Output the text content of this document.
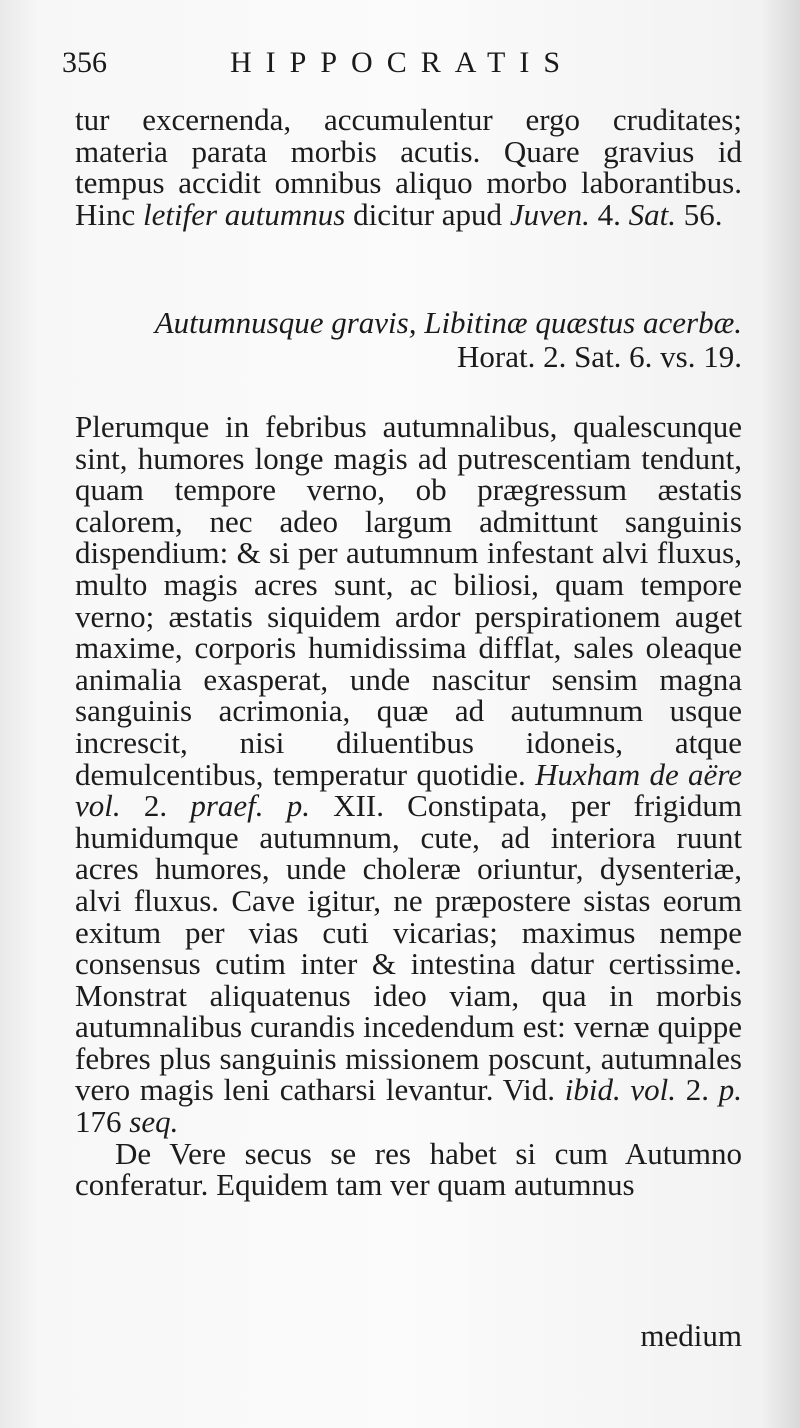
356	HIPPOCRATIS

tur excernenda, accumulentur ergo cruditates; materia parata morbis acutis. Quare gravius id tempus accidit omnibus aliquo morbo laborantibus. Hinc letifer autumnus dicitur apud Juven. 4. Sat. 56.

Autumnusque gravis, Libitinæ quæstus acerbæ.
Horat. 2. Sat. 6. vs. 19.

Plerumque in febribus autumnalibus, qualescunque sint, humores longe magis ad putrescentiam tendunt, quam tempore verno, ob prægressum æstatis calorem, nec adeo largum admittunt sanguinis dispendium: & si per autumnum infestant alvi fluxus, multo magis acres sunt, ac biliosi, quam tempore verno; æstatis siquidem ardor perspirationem auget maxime, corporis humidissima difflat, sales oleaque animalia exasperat, unde nascitur sensim magna sanguinis acrimonia, quæ ad autumnum usque increscit, nisi diluentibus idoneis, atque demulcentibus, temperatur quotidie. Huxham de aëre vol. 2. praef. p. XII. Constipata, per frigidum humidumque autumnum, cute, ad interiora ruunt acres humores, unde choleræ oriuntur, dysenteriæ, alvi fluxus. Cave igitur, ne præpostere sistas eorum exitum per vias cuti vicarias; maximus nempe consensus cutim inter & intestina datur certissime. Monstrat aliquatenus ideo viam, qua in morbis autumnalibus curandis incedendum est: vernæ quippe febres plus sanguinis missionem poscunt, autumnales vero magis leni catharsi levantur. Vid. ibid. vol. 2. p. 176 seq.

De Vere secus se res habet si cum Autumno conferatur. Equidem tam ver quam autumnus

medium
